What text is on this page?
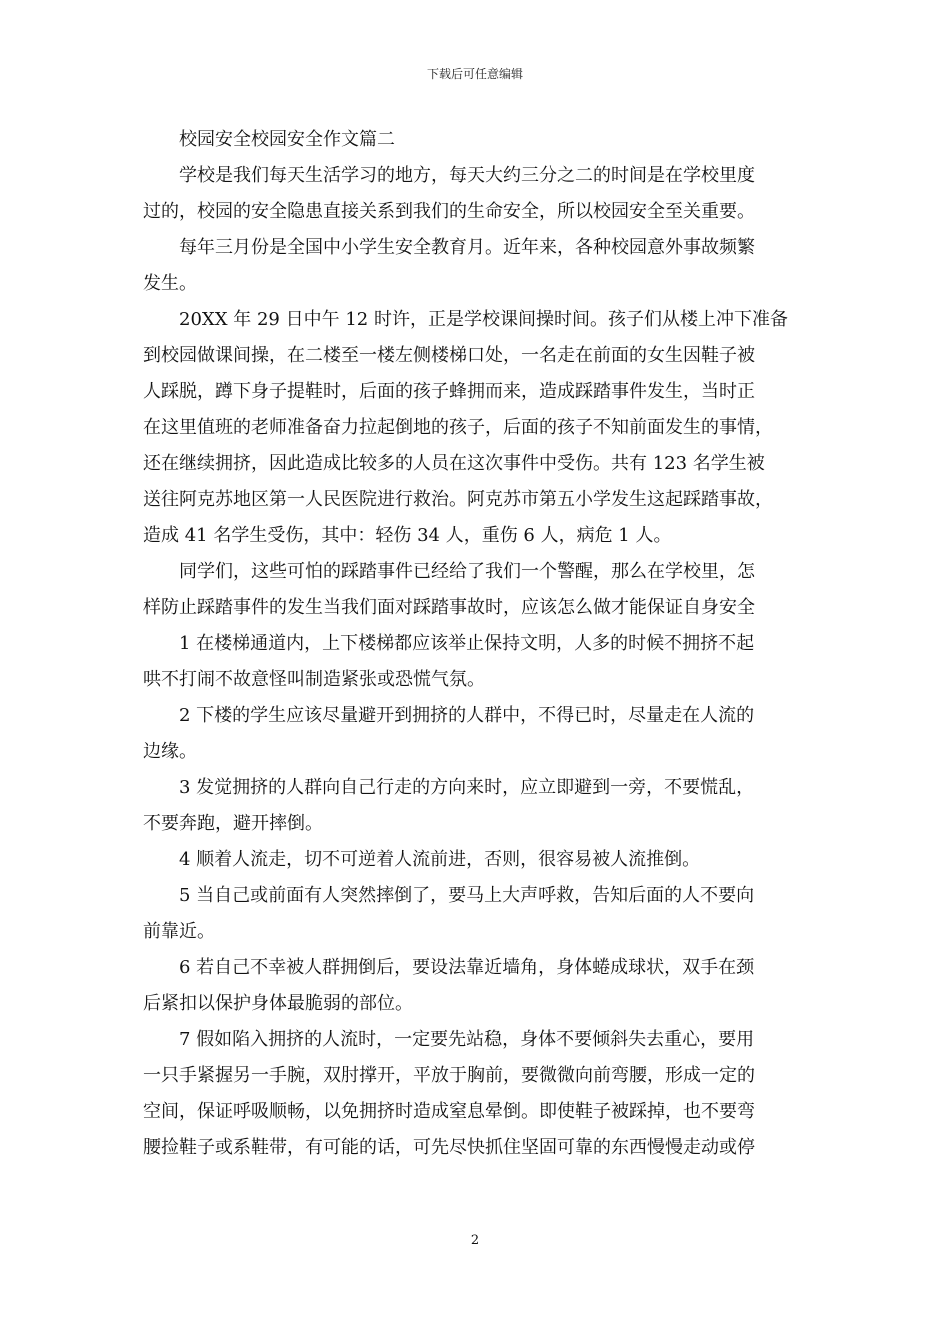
下载后可任意编辑
校园安全校园安全作文篇二

学校是我们每天生活学习的地方，每天大约三分之二的时间是在学校里度
过的，校园的安全隐患直接关系到我们的生命安全，所以校园安全至关重要。

每年三月份是全国中小学生安全教育月。近年来，各种校园意外事故频繁
发生。

20XX 年 29 日中午 12 时许，正是学校课间操时间。孩子们从楼上冲下准备
到校园做课间操，在二楼至一楼左侧楼梯口处，一名走在前面的女生因鞋子被
人踩脱，蹲下身子提鞋时，后面的孩子蜂拥而来，造成踩踏事件发生，当时正
在这里值班的老师准备奋力拉起倒地的孩子，后面的孩子不知前面发生的事情，
还在继续拥挤，因此造成比较多的人员在这次事件中受伤。共有 123 名学生被
送往阿克苏地区第一人民医院进行救治。阿克苏市第五小学发生这起踩踏事故，
造成 41 名学生受伤，其中：轻伤 34 人，重伤 6 人，病危 1 人。

同学们，这些可怕的踩踏事件已经给了我们一个警醒，那么在学校里，怎
样防止踩踏事件的发生当我们面对踩踏事故时，应该怎么做才能保证自身安全

1 在楼梯通道内，上下楼梯都应该举止保持文明，人多的时候不拥挤不起
哄不打闹不故意怪叫制造紧张或恐慌气氛。

2 下楼的学生应该尽量避开到拥挤的人群中，不得已时，尽量走在人流的
边缘。

3 发觉拥挤的人群向自己行走的方向来时，应立即避到一旁，不要慌乱，
不要奔跑，避开摔倒。

4 顺着人流走，切不可逆着人流前进，否则，很容易被人流推倒。

5 当自己或前面有人突然摔倒了，要马上大声呼救，告知后面的人不要向
前靠近。

6 若自己不幸被人群拥倒后，要设法靠近墙角，身体蜷成球状，双手在颈
后紧扣以保护身体最脆弱的部位。

7 假如陷入拥挤的人流时，一定要先站稳，身体不要倾斜失去重心，要用
一只手紧握另一手腕，双肘撑开，平放于胸前，要微微向前弯腰，形成一定的
空间，保证呼吸顺畅，以免拥挤时造成窒息晕倒。即使鞋子被踩掉，也不要弯
腰捡鞋子或系鞋带，有可能的话，可先尽快抓住坚固可靠的东西慢慢走动或停

2
